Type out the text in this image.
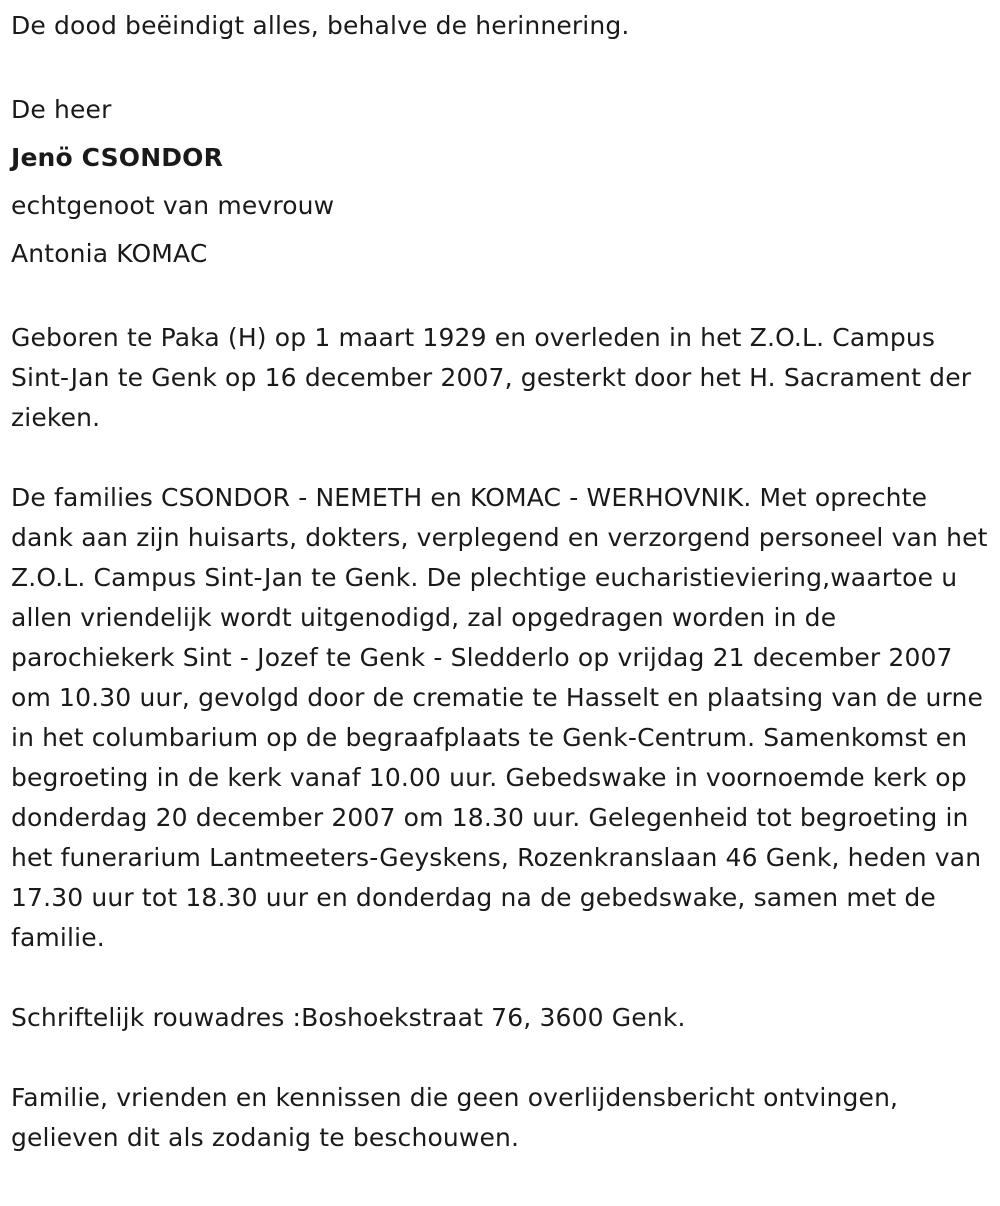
De dood beëindigt alles, behalve de herinnering.

De heer

Jenö CSONDOR

echtgenoot van mevrouw

Antonia KOMAC

Geboren te Paka (H) op 1 maart 1929 en overleden in het Z.O.L. Campus Sint-Jan te Genk op 16 december 2007, gesterkt door het H. Sacrament der zieken.

De families CSONDOR - NEMETH en KOMAC - WERHOVNIK. Met oprechte dank aan zijn huisarts, dokters, verplegend en verzorgend personeel van het Z.O.L. Campus Sint-Jan te Genk. De plechtige eucharistieviering,waartoe u allen vriendelijk wordt uitgenodigd, zal opgedragen worden in de parochiekerk Sint - Jozef te Genk - Sledderlo op vrijdag 21 december 2007 om 10.30 uur, gevolgd door de crematie te Hasselt en plaatsing van de urne in het columbarium op de begraafplaats te Genk-Centrum. Samenkomst en begroeting in de kerk vanaf 10.00 uur. Gebedswake in voornoemde kerk op donderdag 20 december 2007 om 18.30 uur. Gelegenheid tot begroeting in het funerarium Lantmeeters-Geyskens, Rozenkranslaan 46 Genk, heden van 17.30 uur tot 18.30 uur en donderdag na de gebedswake, samen met de familie.

Schriftelijk rouwadres :Boshoekstraat 76, 3600 Genk.

Familie, vrienden en kennissen die geen overlijdensbericht ontvingen, gelieven dit als zodanig te beschouwen.
